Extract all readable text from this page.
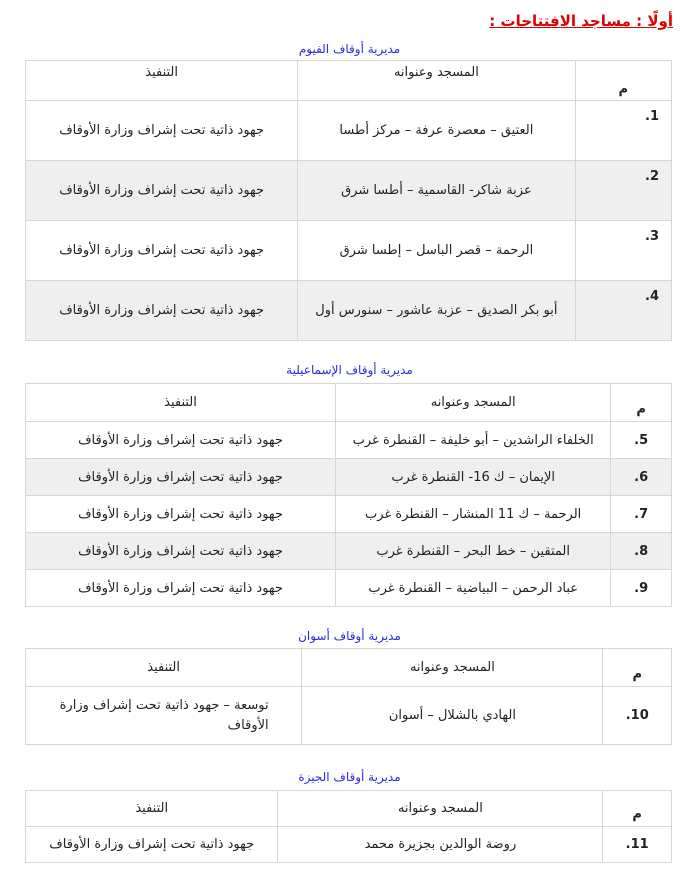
أولًا : مساجد الافتتاحات :
مديرية أوقاف الفيوم
م	المسجد وعنوانه	التنفيذ
1.	العتيق – معصرة عرفة – مركز أطسا	جهود ذاتية تحت إشراف وزارة الأوقاف
2.	عزبة شاكر- القاسمية – أطسا شرق	جهود ذاتية تحت إشراف وزارة الأوقاف
3.	الرحمة – قصر الباسل – إطسا شرق	جهود ذاتية تحت إشراف وزارة الأوقاف
4.	أبو بكر الصديق – عزبة عاشور – سنورس أول	جهود ذاتية تحت إشراف وزارة الأوقاف
مديرية أوقاف الإسماعيلية
م	المسجد وعنوانه	التنفيذ
5.	الخلفاء الراشدين – أبو خليفة – القنطرة غرب	جهود ذاتية تحت إشراف وزارة الأوقاف
6.	الإيمان – ك 16- القنطرة غرب	جهود ذاتية تحت إشراف وزارة الأوقاف
7.	الرحمة – ك 11 المنشار – القنطرة غرب	جهود ذاتية تحت إشراف وزارة الأوقاف
8.	المتقين – خط البحر – القنطرة غرب	جهود ذاتية تحت إشراف وزارة الأوقاف
9.	عباد الرحمن – البياضية – القنطرة غرب	جهود ذاتية تحت إشراف وزارة الأوقاف
مديرية أوقاف أسوان
م	المسجد وعنوانه	التنفيذ
10.	الهادي بالشلال – أسوان	توسعة – جهود ذاتية تحت إشراف وزارة الأوقاف
مديرية أوقاف الجيزة
م	المسجد وعنوانه	التنفيذ
11.	روضة الوالدين بجزيرة محمد	جهود ذاتية تحت إشراف وزارة الأوقاف
